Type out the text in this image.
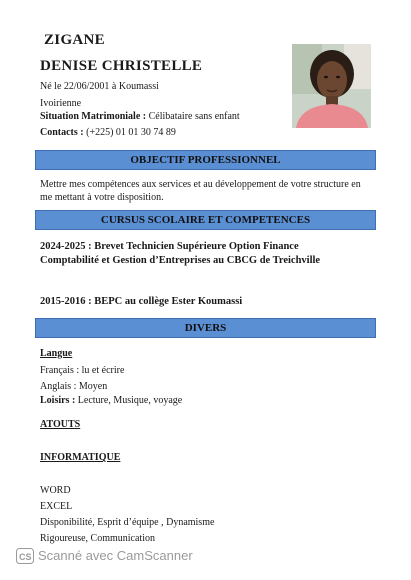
ZIGANE
DENISE CHRISTELLE
Né le 22/06/2001 à Koumassi
Ivoirienne
Situation Matrimoniale : Célibataire sans enfant
Contacts : (+225) 01 01 30 74 89
OBJECTIF PROFESSIONNEL
Mettre mes compétences aux services et au développement de votre structure en me mettant à votre disposition.
CURSUS SCOLAIRE ET COMPETENCES
2024-2025 : Brevet Technicien Supérieure Option Finance Comptabilité et Gestion d’Entreprises au CBCG de Treichville
2015-2016 : BEPC au collège Ester Koumassi
DIVERS
Langue
Français : lu et écrire
Anglais : Moyen
Loisirs : Lecture, Musique, voyage
ATOUTS
INFORMATIQUE
WORD
EXCEL
Disponibilité, Esprit d’équipe , Dynamisme
Rigoureuse, Communication
CS Scanné avec CamScanner
